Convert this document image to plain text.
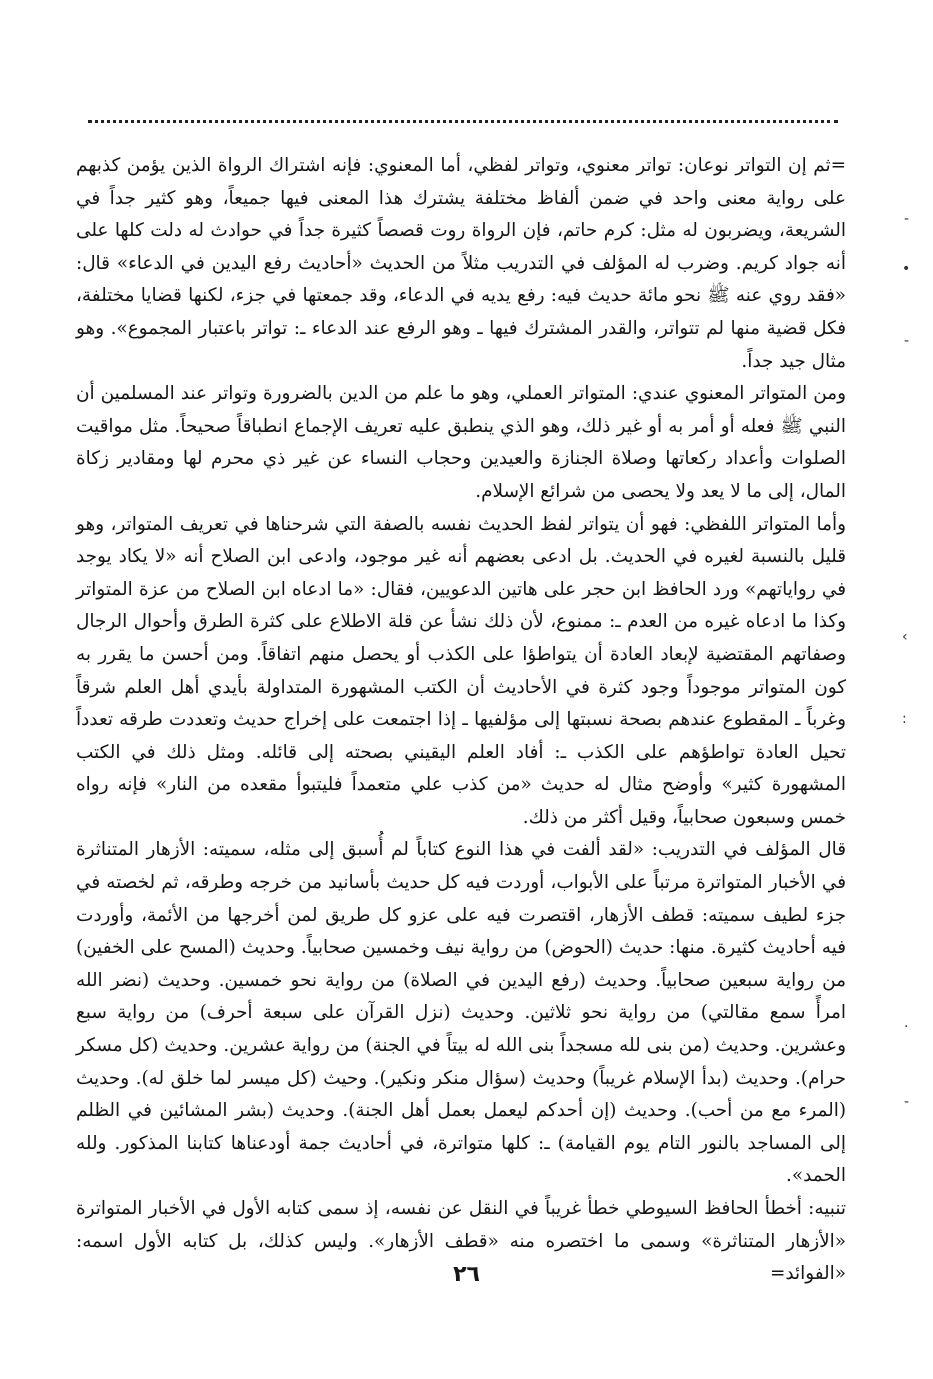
-
•
-
‹
:
·
-

=ثم إن التواتر نوعان: تواتر معنوي، وتواتر لفظي، أما المعنوي: فإنه اشتراك الرواة الذين يؤمن كذبهم على رواية معنى واحد في ضمن ألفاظ مختلفة يشترك هذا المعنى فيها جميعاً، وهو كثير جداً في الشريعة، ويضربون له مثل: كرم حاتم، فإن الرواة روت قصصاً كثيرة جداً في حوادث له دلت كلها على أنه جواد كريم. وضرب له المؤلف في التدريب مثلاً من الحديث «أحاديث رفع اليدين في الدعاء» قال: «فقد روي عنه ﷺ نحو مائة حديث فيه: رفع يديه في الدعاء، وقد جمعتها في جزء، لكنها قضايا مختلفة، فكل قضية منها لم تتواتر، والقدر المشترك فيها ـ وهو الرفع عند الدعاء ـ: تواتر باعتبار المجموع». وهو مثال جيد جداً.

ومن المتواتر المعنوي عندي: المتواتر العملي، وهو ما علم من الدين بالضرورة وتواتر عند المسلمين أن النبي ﷺ فعله أو أمر به أو غير ذلك، وهو الذي ينطبق عليه تعريف الإجماع انطباقاً صحيحاً. مثل مواقيت الصلوات وأعداد ركعاتها وصلاة الجنازة والعيدين وحجاب النساء عن غير ذي محرم لها ومقادير زكاة المال، إلى ما لا يعد ولا يحصى من شرائع الإسلام.

وأما المتواتر اللفظي: فهو أن يتواتر لفظ الحديث نفسه بالصفة التي شرحناها في تعريف المتواتر، وهو قليل بالنسبة لغيره في الحديث. بل ادعى بعضهم أنه غير موجود، وادعى ابن الصلاح أنه «لا يكاد يوجد في رواياتهم» ورد الحافظ ابن حجر على هاتين الدعويين، فقال: «ما ادعاه ابن الصلاح من عزة المتواتر وكذا ما ادعاه غيره من العدم ـ: ممنوع، لأن ذلك نشأ عن قلة الاطلاع على كثرة الطرق وأحوال الرجال وصفاتهم المقتضية لإبعاد العادة أن يتواطؤا على الكذب أو يحصل منهم اتفاقاً. ومن أحسن ما يقرر به كون المتواتر موجوداً وجود كثرة في الأحاديث أن الكتب المشهورة المتداولة بأيدي أهل العلم شرقاً وغرباً ـ المقطوع عندهم بصحة نسبتها إلى مؤلفيها ـ إذا اجتمعت على إخراج حديث وتعددت طرقه تعدداً تحيل العادة تواطؤهم على الكذب ـ: أفاد العلم اليقيني بصحته إلى قائله. ومثل ذلك في الكتب المشهورة كثير» وأوضح مثال له حديث «من كذب علي متعمداً فليتبوأ مقعده من النار» فإنه رواه خمس وسبعون صحابياً، وقيل أكثر من ذلك.

قال المؤلف في التدريب: «لقد ألفت في هذا النوع كتاباً لم أُسبق إلى مثله، سميته: الأزهار المتناثرة في الأخبار المتواترة مرتباً على الأبواب، أوردت فيه كل حديث بأسانيد من خرجه وطرقه، ثم لخصته في جزء لطيف سميته: قطف الأزهار، اقتصرت فيه على عزو كل طريق لمن أخرجها من الأئمة، وأوردت فيه أحاديث كثيرة. منها: حديث (الحوض) من رواية نيف وخمسين صحابياً. وحديث (المسح على الخفين) من رواية سبعين صحابياً. وحديث (رفع اليدين في الصلاة) من رواية نحو خمسين. وحديث (نضر الله امرأً سمع مقالتي) من رواية نحو ثلاثين. وحديث (نزل القرآن على سبعة أحرف) من رواية سبع وعشرين. وحديث (من بنى لله مسجداً بنى الله له بيتاً في الجنة) من رواية عشرين. وحديث (كل مسكر حرام). وحديث (بدأ الإسلام غريباً) وحديث (سؤال منكر ونكير). وحيث (كل ميسر لما خلق له). وحديث (المرء مع من أحب). وحديث (إن أحدكم ليعمل بعمل أهل الجنة). وحديث (بشر المشائين في الظلم إلى المساجد بالنور التام يوم القيامة) ـ: كلها متواترة، في أحاديث جمة أودعناها كتابنا المذكور. ولله الحمد».

تنبيه: أخطأ الحافظ السيوطي خطأ غريباً في النقل عن نفسه، إذ سمى كتابه الأول في الأخبار المتواترة «الأزهار المتناثرة» وسمى ما اختصره منه «قطف الأزهار». وليس كذلك، بل كتابه الأول اسمه: «الفوائد=

٢٦
